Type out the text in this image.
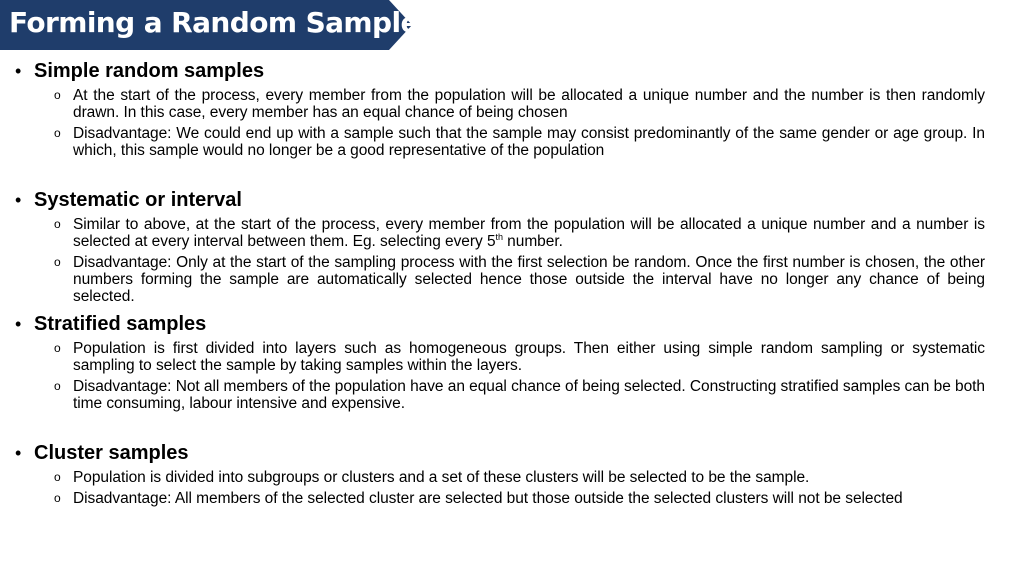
Forming a Random Sample
• Simple random samples
o At the start of the process, every member from the population will be allocated a unique number and the number is then randomly drawn. In this case, every member has an equal chance of being chosen
o Disadvantage: We could end up with a sample such that the sample may consist predominantly of the same gender or age group. In which, this sample would no longer be a good representative of the population
• Systematic or interval
o Similar to above, at the start of the process, every member from the population will be allocated a unique number and a number is selected at every interval between them. Eg. selecting every 5th number.
o Disadvantage: Only at the start of the sampling process with the first selection be random. Once the first number is chosen, the other numbers forming the sample are automatically selected hence those outside the interval have no longer any chance of being selected.
• Stratified samples
o Population is first divided into layers such as homogeneous groups. Then either using simple random sampling or systematic sampling to select the sample by taking samples within the layers.
o Disadvantage: Not all members of the population have an equal chance of being selected. Constructing stratified samples can be both time consuming, labour intensive and expensive.
• Cluster samples
o Population is divided into subgroups or clusters and a set of these clusters will be selected to be the sample.
o Disadvantage: All members of the selected cluster are selected but those outside the selected clusters will not be selected
